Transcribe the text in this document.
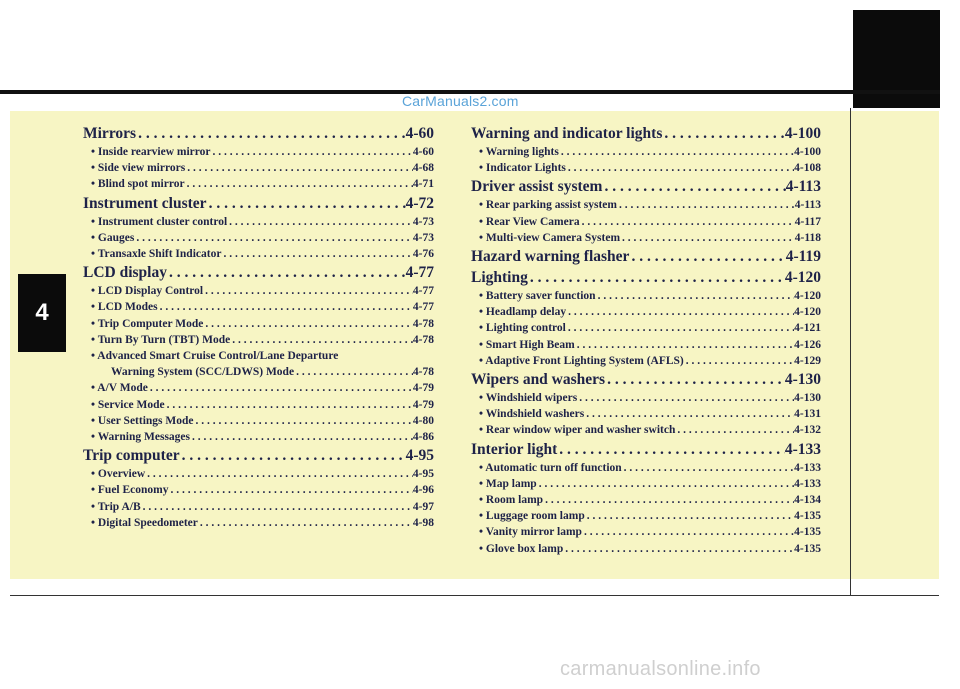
CarManuals2.com
4
Mirrors . . .	4-60
• Inside rearview mirror . . .	4-60
• Side view mirrors . . .	4-68
• Blind spot mirror . . .	4-71
Instrument cluster . . .	4-72
• Instrument cluster control . . .	4-73
• Gauges . . .	4-73
• Transaxle Shift Indicator . . .	4-76
LCD display . . .	4-77
• LCD Display Control . . .	4-77
• LCD Modes . . .	4-77
• Trip Computer Mode . . .	4-78
• Turn By Turn (TBT) Mode . . .	4-78
• Advanced Smart Cruise Control/Lane Departure
Warning System (SCC/LDWS) Mode . . .	4-78
• A/V Mode . . .	4-79
• Service Mode . . .	4-79
• User Settings Mode . . .	4-80
• Warning Messages . . .	4-86
Trip computer . . .	4-95
• Overview . . .	4-95
• Fuel Economy . . .	4-96
• Trip A/B . . .	4-97
• Digital Speedometer . . .	4-98
Warning and indicator lights . . .	4-100
• Warning lights . . .	4-100
• Indicator Lights . . .	4-108
Driver assist system . . .	4-113
• Rear parking assist system . . .	4-113
• Rear View Camera . . .	4-117
• Multi-view Camera System . . .	4-118
Hazard warning flasher . . .	4-119
Lighting . . .	4-120
• Battery saver function . . .	4-120
• Headlamp delay . . .	4-120
• Lighting control . . .	4-121
• Smart High Beam . . .	4-126
• Adaptive Front Lighting System (AFLS) . . .	4-129
Wipers and washers . . .	4-130
• Windshield wipers . . .	4-130
• Windshield washers . . .	4-131
• Rear window wiper and washer switch . . .	4-132
Interior light . . .	4-133
• Automatic turn off function . . .	4-133
• Map lamp . . .	4-133
• Room lamp . . .	4-134
• Luggage room lamp . . .	4-135
• Vanity mirror lamp . . .	4-135
• Glove box lamp . . .	4-135
carmanualsonline.info
